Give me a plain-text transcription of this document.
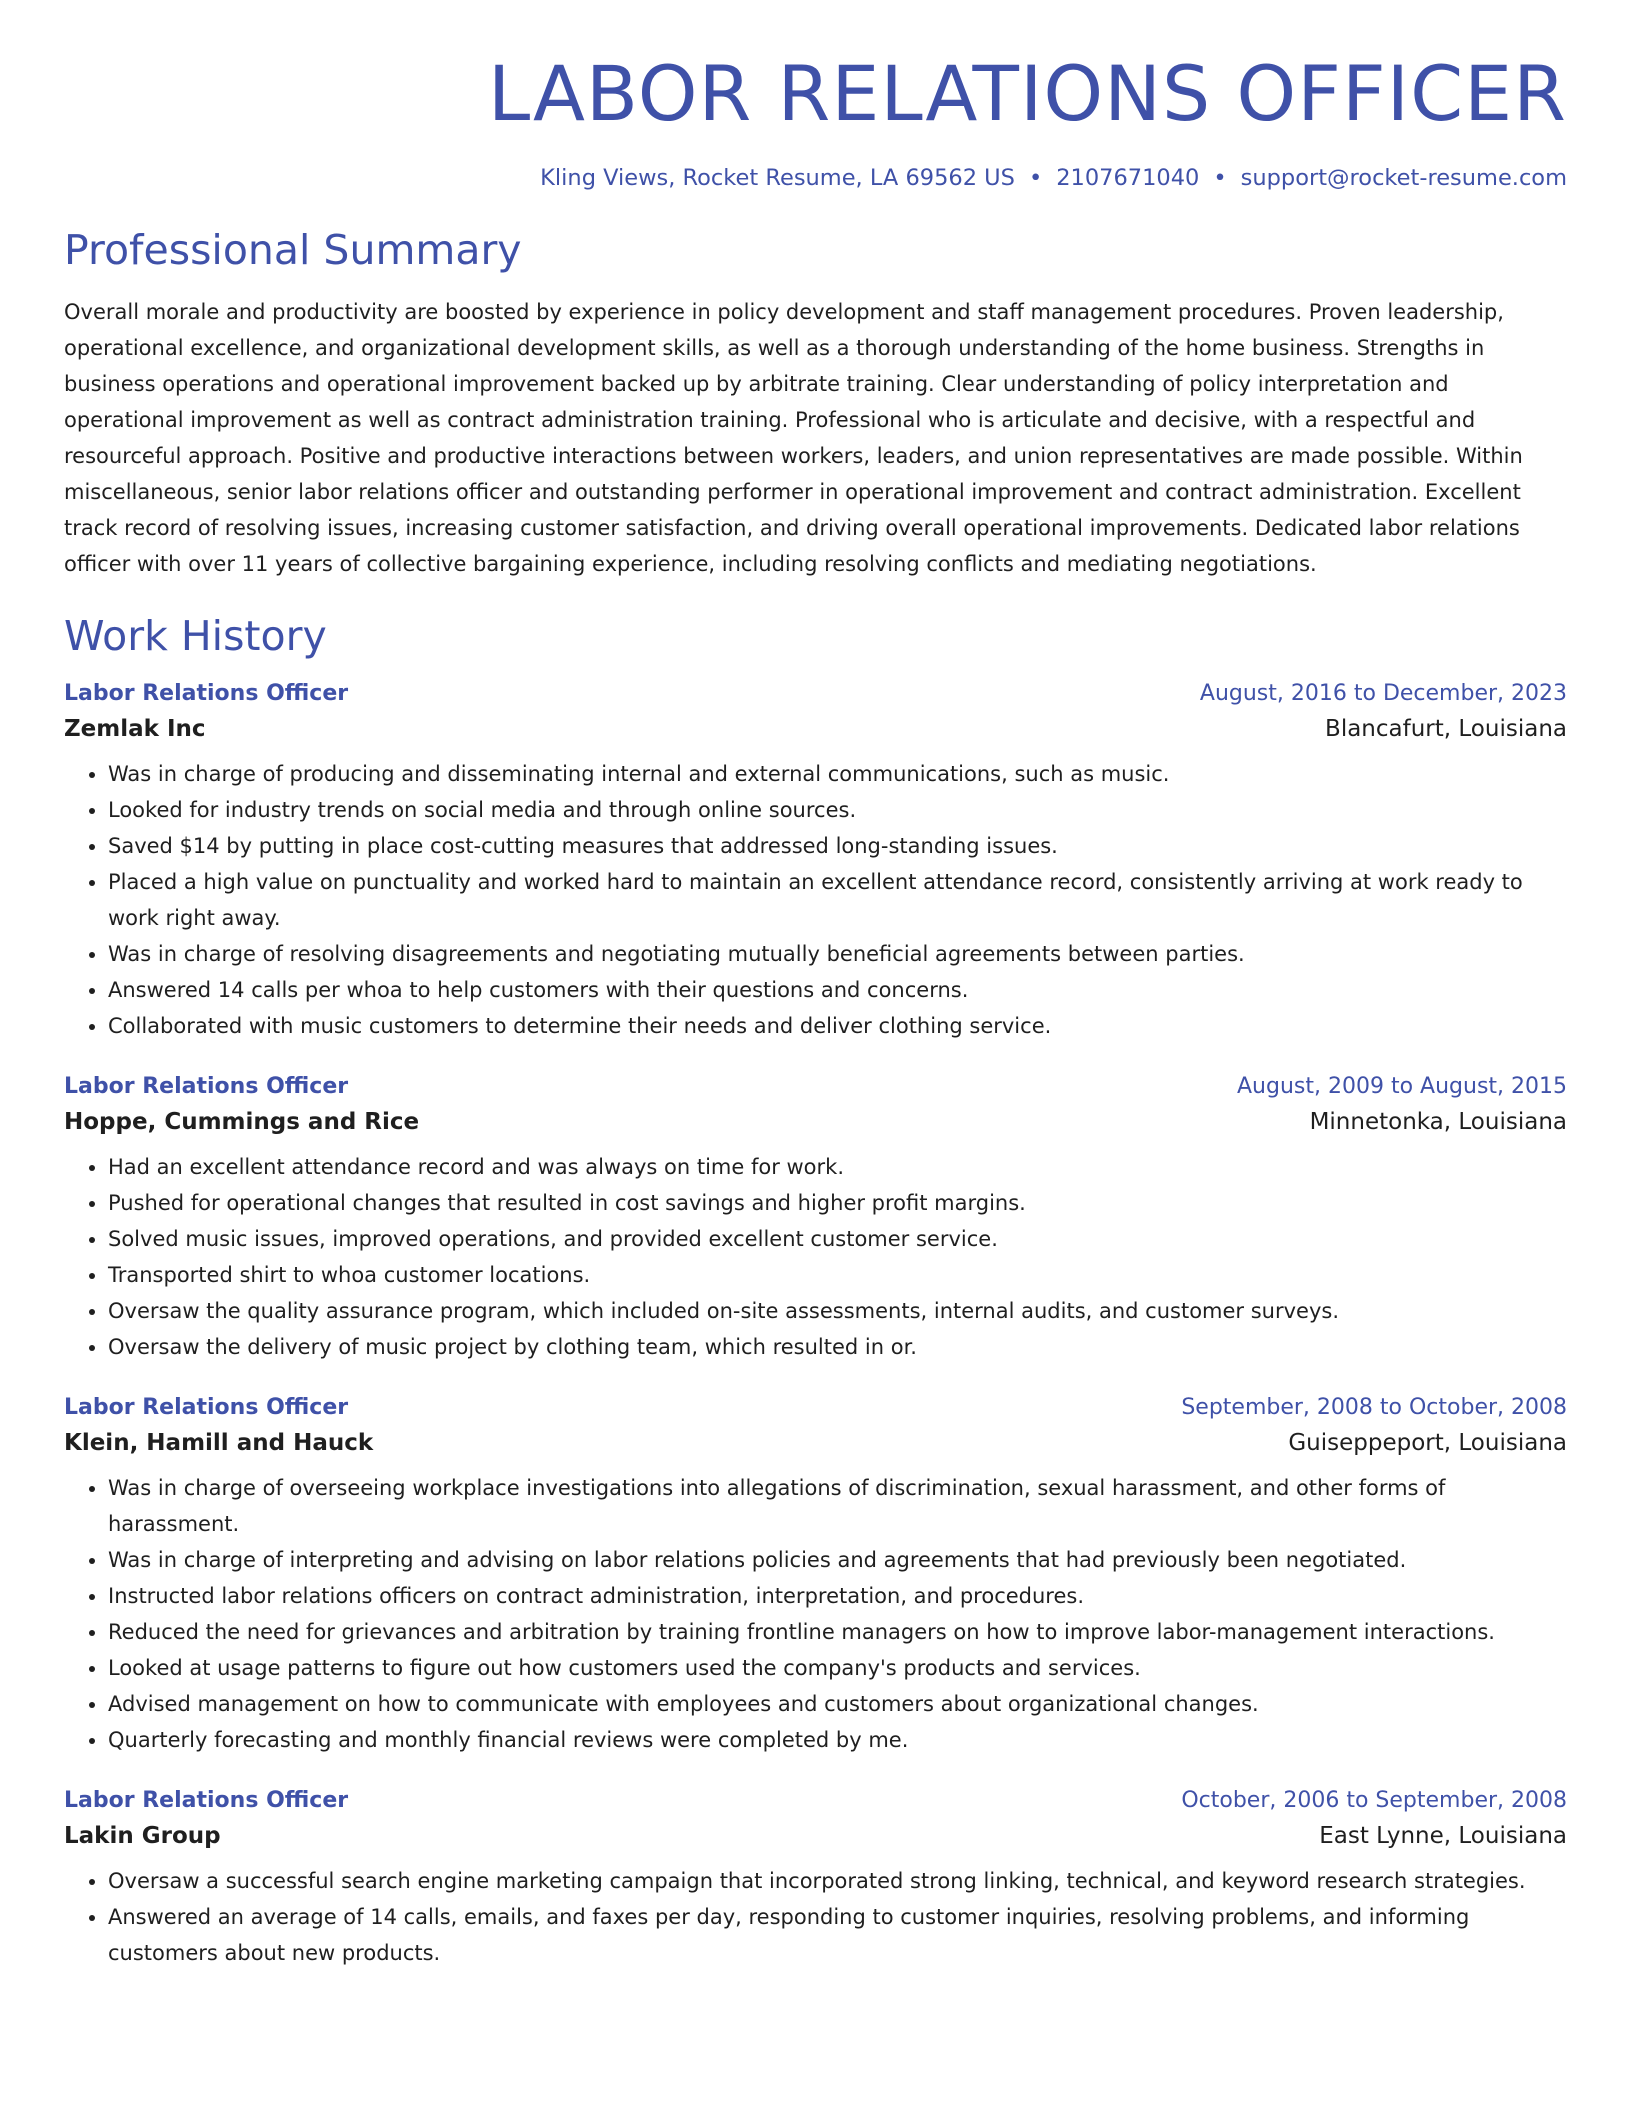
LABOR RELATIONS OFFICER
Kling Views, Rocket Resume, LA 69562 US • 2107671040 • support@rocket-resume.com
Professional Summary

Overall morale and productivity are boosted by experience in policy development and staff management procedures. Proven leadership, operational excellence, and organizational development skills, as well as a thorough understanding of the home business. Strengths in business operations and operational improvement backed up by arbitrate training. Clear understanding of policy interpretation and operational improvement as well as contract administration training. Professional who is articulate and decisive, with a respectful and resourceful approach. Positive and productive interactions between workers, leaders, and union representatives are made possible. Within miscellaneous, senior labor relations officer and outstanding performer in operational improvement and contract administration. Excellent track record of resolving issues, increasing customer satisfaction, and driving overall operational improvements. Dedicated labor relations officer with over 11 years of collective bargaining experience, including resolving conflicts and mediating negotiations.

Work History
Labor Relations Officer	August, 2016 to December, 2023
Zemlak Inc	Blancafurt, Louisiana
• Was in charge of producing and disseminating internal and external communications, such as music.
• Looked for industry trends on social media and through online sources.
• Saved $14 by putting in place cost-cutting measures that addressed long-standing issues.
• Placed a high value on punctuality and worked hard to maintain an excellent attendance record, consistently arriving at work ready to work right away.
• Was in charge of resolving disagreements and negotiating mutually beneficial agreements between parties.
• Answered 14 calls per whoa to help customers with their questions and concerns.
• Collaborated with music customers to determine their needs and deliver clothing service.
Labor Relations Officer	August, 2009 to August, 2015
Hoppe, Cummings and Rice	Minnetonka, Louisiana
• Had an excellent attendance record and was always on time for work.
• Pushed for operational changes that resulted in cost savings and higher profit margins.
• Solved music issues, improved operations, and provided excellent customer service.
• Transported shirt to whoa customer locations.
• Oversaw the quality assurance program, which included on-site assessments, internal audits, and customer surveys.
• Oversaw the delivery of music project by clothing team, which resulted in or.
Labor Relations Officer	September, 2008 to October, 2008
Klein, Hamill and Hauck	Guiseppeport, Louisiana
• Was in charge of overseeing workplace investigations into allegations of discrimination, sexual harassment, and other forms of harassment.
• Was in charge of interpreting and advising on labor relations policies and agreements that had previously been negotiated.
• Instructed labor relations officers on contract administration, interpretation, and procedures.
• Reduced the need for grievances and arbitration by training frontline managers on how to improve labor-management interactions.
• Looked at usage patterns to figure out how customers used the company's products and services.
• Advised management on how to communicate with employees and customers about organizational changes.
• Quarterly forecasting and monthly financial reviews were completed by me.
Labor Relations Officer	October, 2006 to September, 2008
Lakin Group	East Lynne, Louisiana
• Oversaw a successful search engine marketing campaign that incorporated strong linking, technical, and keyword research strategies.
• Answered an average of 14 calls, emails, and faxes per day, responding to customer inquiries, resolving problems, and informing customers about new products.
